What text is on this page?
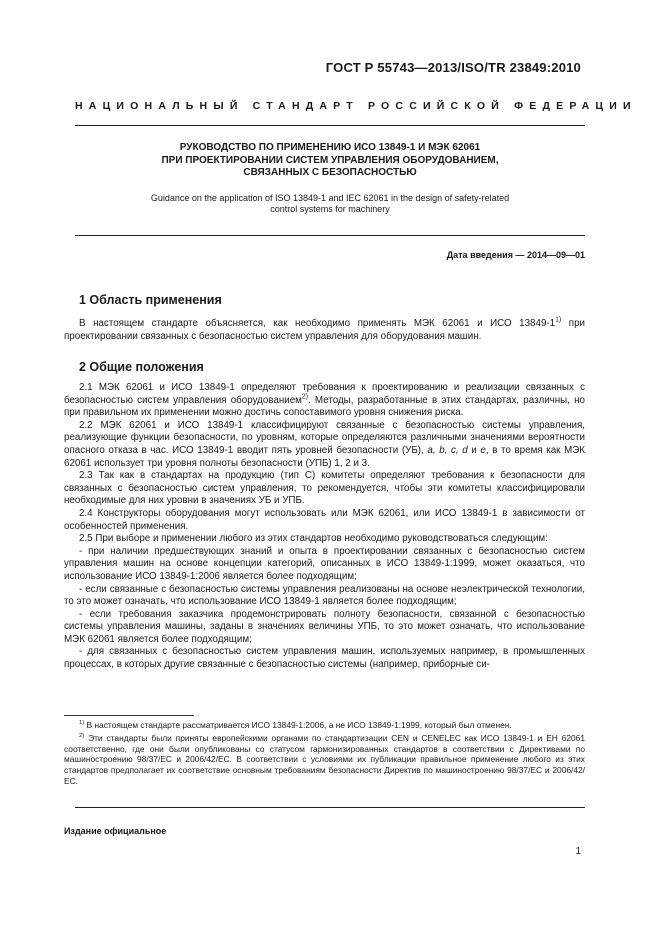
ГОСТ Р 55743—2013/ISO/TR 23849:2010
НАЦИОНАЛЬНЫЙ СТАНДАРТ РОССИЙСКОЙ ФЕДЕРАЦИИ
РУКОВОДСТВО ПО ПРИМЕНЕНИЮ ИСО 13849-1 И МЭК 62061
ПРИ ПРОЕКТИРОВАНИИ СИСТЕМ УПРАВЛЕНИЯ ОБОРУДОВАНИЕМ,
СВЯЗАННЫХ С БЕЗОПАСНОСТЬЮ
Guidance on the application of ISO 13849-1 and IEC 62061 in the design of safety-related
control systems for machinery
Дата введения — 2014—09—01
1 Область применения

В настоящем стандарте объясняется, как необходимо применять МЭК 62061 и ИСО 13849-1$^{1)}$ при проектировании связанных с безопасностью систем управления для оборудования машин.

2 Общие положения

2.1 МЭК 62061 и ИСО 13849-1 определяют требования к проектированию и реализации связанных с безопасностью систем управления оборудованием$^{2)}$. Методы, разработанные в этих стандартах, различны, но при правильном их применении можно достичь сопоставимого уровня снижения риска.

2.2 МЭК 62061 и ИСО 13849-1 классифицируют связанные с безопасностью системы управления, реализующие функции безопасности, по уровням, которые определяются различными значениями вероятности опасного отказа в час. ИСО 13849-1 вводит пять уровней безопасности (УБ), a, b, c, d и e, в то время как МЭК 62061 использует три уровня полноты безопасности (УПБ) 1, 2 и 3.

2.3 Так как в стандартах на продукцию (тип С) комитеты определяют требования к безопасности для связанных с безопасностью систем управления, то рекомендуется, чтобы эти комитеты классифицировали необходимые для них уровни в значениях УБ и УПБ.

2.4 Конструкторы оборудования могут использовать или МЭК 62061, или ИСО 13849-1 в зависимости от особенностей применения.

2.5 При выборе и применении любого из этих стандартов необходимо руководствоваться следующим:

- при наличии предшествующих знаний и опыта в проектировании связанных с безопасностью систем управления машин на основе концепции категорий, описанных в ИСО 13849-1:1999, может оказаться, что использование ИСО 13849-1:2006 является более подходящим;

- если связанные с безопасностью системы управления реализованы на основе неэлектрической технологии, то это может означать, что использование ИСО 13849-1 является более подходящим;

- если требования заказчика продемонстрировать полноту безопасности, связанной с безопасностью системы управления машины, заданы в значениях величины УПБ, то это может означать, что использование МЭК 62061 является более подходящим;

- для связанных с безопасностью систем управления машин, используемых например, в промышленных процессах, в которых другие связанные с безопасностью системы (например, приборные си-

$^{1)}$ В настоящем стандарте рассматривается ИСО 13849-1:2006, а не ИСО 13849-1:1999, который был отменен.

$^{2)}$ Эти стандарты были приняты европейскими органами по стандартизации CEN и CENELEC как ИСО 13849-1 и ЕН 62061 соответственно, где они были опубликованы со статусом гармонизированных стандартов в соответствии с Директивами по машиностроению 98/37/ЕС и 2006/42/ЕС. В соответствии с условиями их публикации правильное применение любого из этих стандартов предполагает их соответствие основным требованиям безопасности Директив по машиностроению 98/37/ЕС и 2006/42/ЕС.

Издание официальное
1
